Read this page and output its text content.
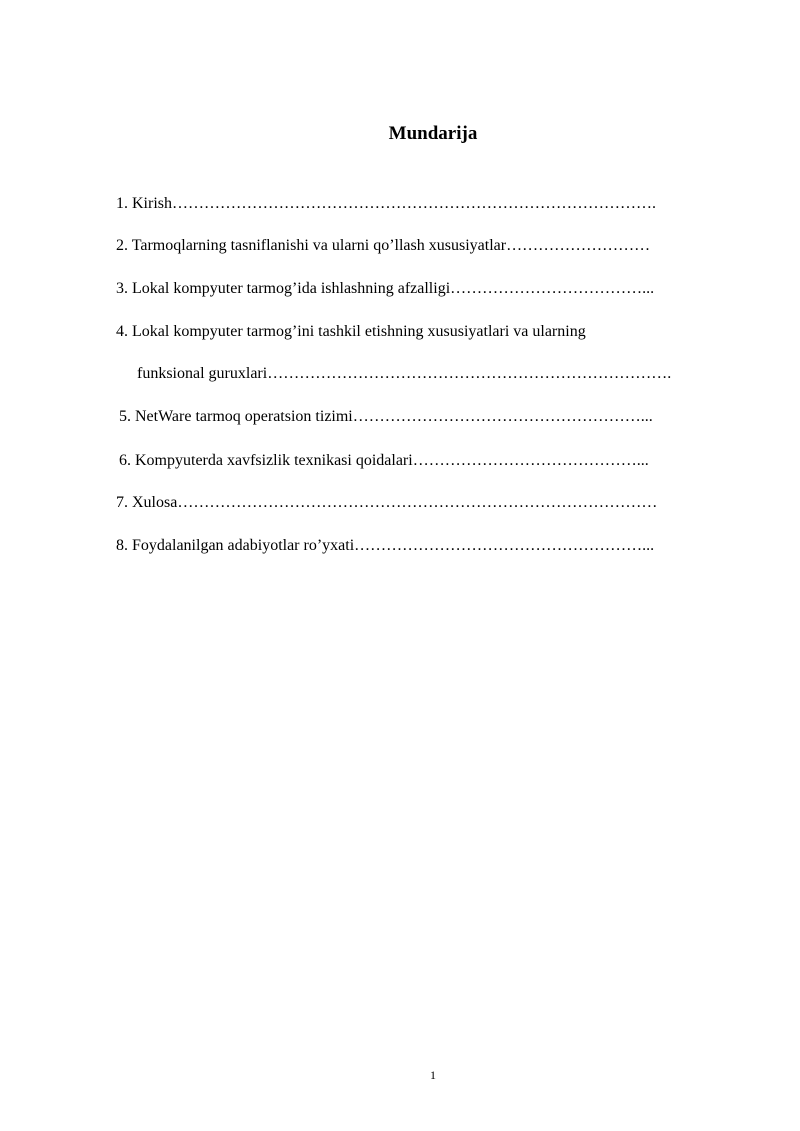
Mundarija
1. Kirish……………………………………………………………………………….
2. Tarmoqlarning tasniflanishi va ularni qo’llash xususiyatlar………………………
3. Lokal kompyuter tarmog’ida ishlashning afzalligi………………………………...
4. Lokal kompyuter tarmog’ini tashkil etishning xususiyatlari va ularning
funksional guruxlari………………………………………………………………….
5. NetWare tarmoq operatsion tizimi………………………………………………...
6. Kompyuterda xavfsizlik texnikasi qoidalari……………………………………...
7. Xulosa………………………………………………………………………………
8. Foydalanilgan adabiyotlar ro’yxati………………………………………………...
1
